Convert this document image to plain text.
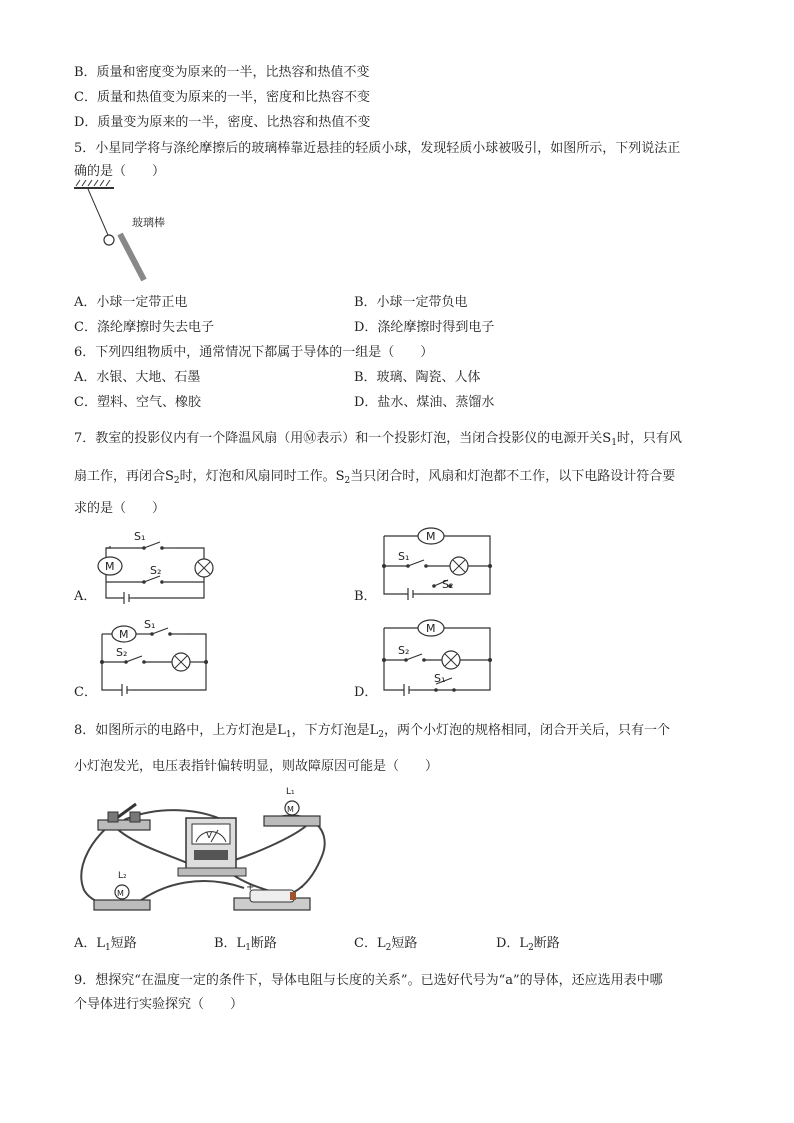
B．质量和密度变为原来的一半，比热容和热值不变
C．质量和热值变为原来的一半，密度和比热容不变
D．质量变为原来的一半，密度、比热容和热值不变
5．小星同学将与涤纶摩擦后的玻璃棒靠近悬挂的轻质小球，发现轻质小球被吸引，如图所示，下列说法正
确的是（　　）
玻璃棒
A．小球一定带正电	B．小球一定带负电
C．涤纶摩擦时失去电子	D．涤纶摩擦时得到电子
6．下列四组物质中，通常情况下都属于导体的一组是（　　）
A．水银、大地、石墨	B．玻璃、陶瓷、人体
C．塑料、空气、橡胶	D．盐水、煤油、蒸馏水
7．教室的投影仪内有一个降温风扇（用Ⓜ表示）和一个投影灯泡，当闭合投影仪的电源开关$S_1$时，只有风
扇工作，再闭合$S_2$时，灯泡和风扇同时工作。$S_2$当只闭合时，风扇和灯泡都不工作，以下电路设计符合要
求的是（　　）
A．
M
S₁
S₂
B．
M
S₁
S₂
C．
M
S₁
S₂
D．
M
S₂
S₁
8．如图所示的电路中，上方灯泡是$L_1$，下方灯泡是$L_2$，两个小灯泡的规格相同，闭合开关后，只有一个
小灯泡发光，电压表指针偏转明显，则故障原因可能是（　　）
M
L₁
V
M
L₂
+	-
A．$L_1$短路	B．$L_1$断路	C．$L_2$短路	D．$L_2$断路
9．想探究“在温度一定的条件下，导体电阻与长度的关系”。已选好代号为“a”的导体，还应选用表中哪
个导体进行实验探究（　　）
